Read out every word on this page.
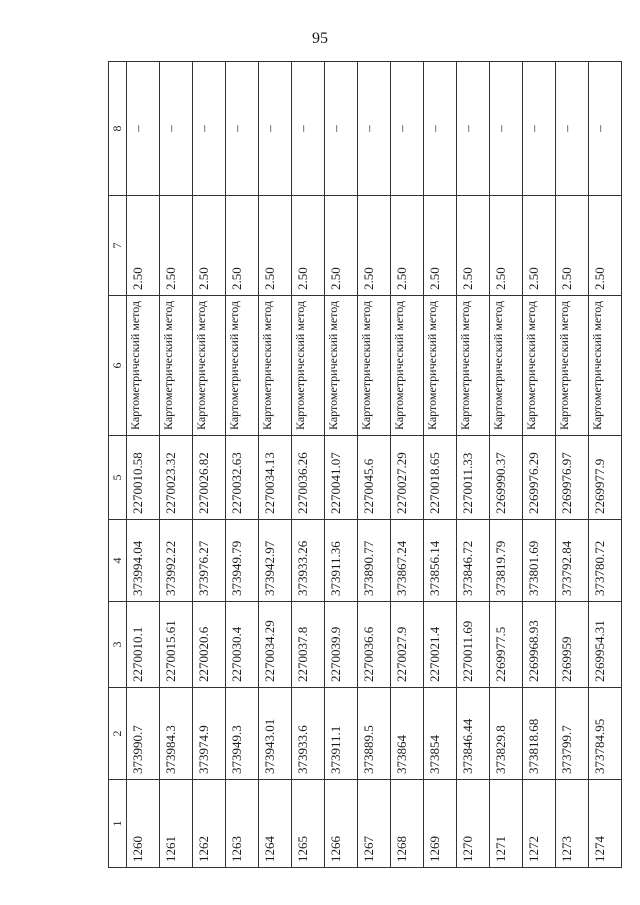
95
1	2	3	4	5	6	7	8
1260	373990.7	2270010.1	373994.04	2270010.58	Картометрический метод	2.50	–
1261	373984.3	2270015.61	373992.22	2270023.32	Картометрический метод	2.50	–
1262	373974.9	2270020.6	373976.27	2270026.82	Картометрический метод	2.50	–
1263	373949.3	2270030.4	373949.79	2270032.63	Картометрический метод	2.50	–
1264	373943.01	2270034.29	373942.97	2270034.13	Картометрический метод	2.50	–
1265	373933.6	2270037.8	373933.26	2270036.26	Картометрический метод	2.50	–
1266	373911.1	2270039.9	373911.36	2270041.07	Картометрический метод	2.50	–
1267	373889.5	2270036.6	373890.77	2270045.6	Картометрический метод	2.50	–
1268	373864	2270027.9	373867.24	2270027.29	Картометрический метод	2.50	–
1269	373854	2270021.4	373856.14	2270018.65	Картометрический метод	2.50	–
1270	373846.44	2270011.69	373846.72	2270011.33	Картометрический метод	2.50	–
1271	373829.8	2269977.5	373819.79	2269990.37	Картометрический метод	2.50	–
1272	373818.68	2269968.93	373801.69	2269976.29	Картометрический метод	2.50	–
1273	373799.7	2269959	373792.84	2269976.97	Картометрический метод	2.50	–
1274	373784.95	2269954.31	373780.72	2269977.9	Картометрический метод	2.50	–
